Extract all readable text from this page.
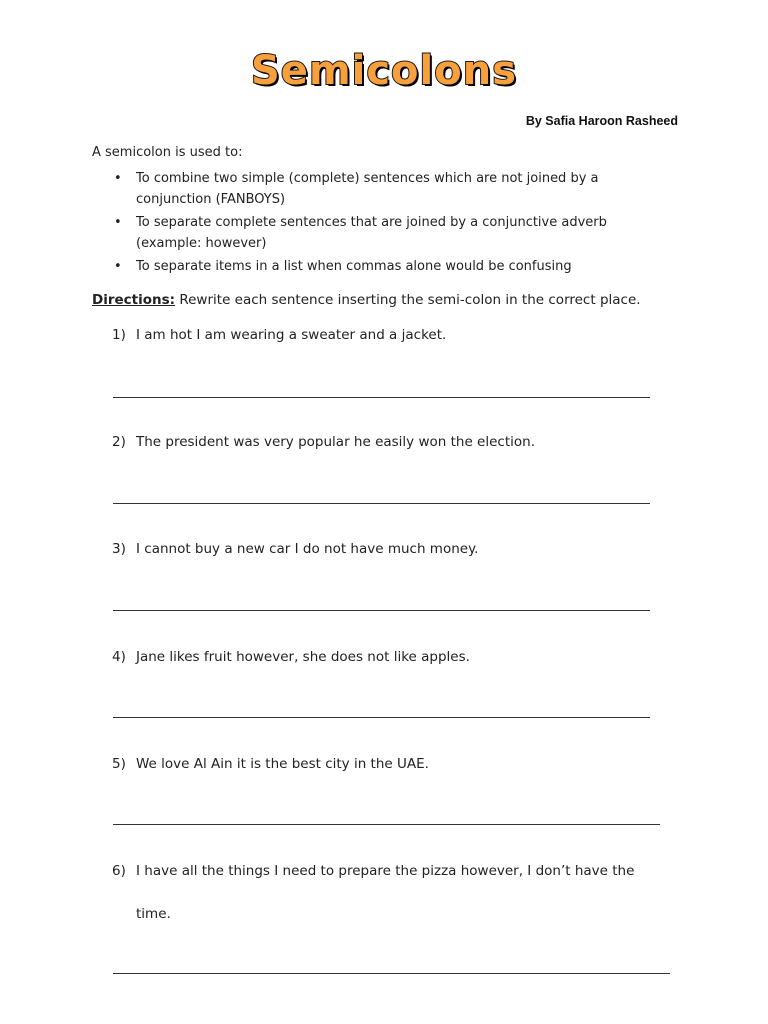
Semicolons
By Safia Haroon Rasheed
A semicolon is used to:
• To combine two simple (complete) sentences which are not joined by a conjunction (FANBOYS)
• To separate complete sentences that are joined by a conjunctive adverb (example: however)
• To separate items in a list when commas alone would be confusing
Directions: Rewrite each sentence inserting the semi-colon in the correct place.
1) I am hot I am wearing a sweater and a jacket.
2) The president was very popular he easily won the election.
3) I cannot buy a new car I do not have much money.
4) Jane likes fruit however, she does not like apples.
5) We love Al Ain it is the best city in the UAE.
6) I have all the things I need to prepare the pizza however, I don’t have the
time.
